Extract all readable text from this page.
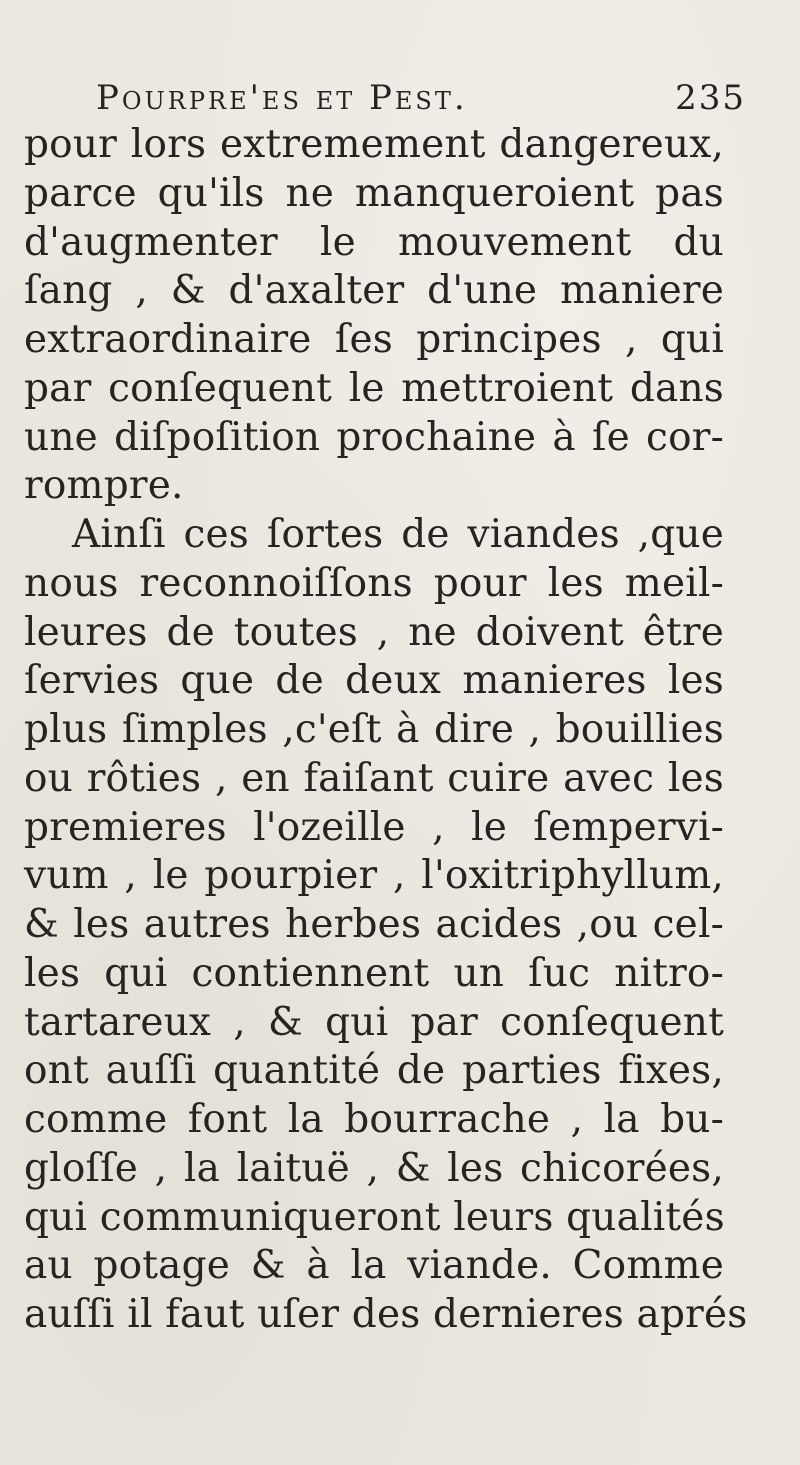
Pourpre'es et Pest.	235
pour lors extremement dangereux,
parce qu'ils ne manqueroient pas
d'augmenter le mouvement du
ſang , & d'axalter d'une maniere
extraordinaire ſes principes , qui
par conſequent le mettroient dans
une diſpoſition prochaine à ſe cor-
rompre.
Ainſi ces ſortes de viandes ,que
nous reconnoiſſons pour les meil-
leures de toutes , ne doivent être
ſervies que de deux manieres les
plus ſimples ,c'eſt à dire , bouillies
ou rôties , en faiſant cuire avec les
premieres l'ozeille , le ſempervi-
vum , le pourpier , l'oxitriphyllum,
& les autres herbes acides ,ou cel-
les qui contiennent un ſuc nitro-
tartareux , & qui par conſequent
ont auſſi quantité de parties fixes,
comme font la bourrache , la bu-
gloſſe , la laituë , & les chicorées,
qui communiqueront leurs qualités
au potage & à la viande. Comme
auſſi il faut uſer des dernieres aprés
